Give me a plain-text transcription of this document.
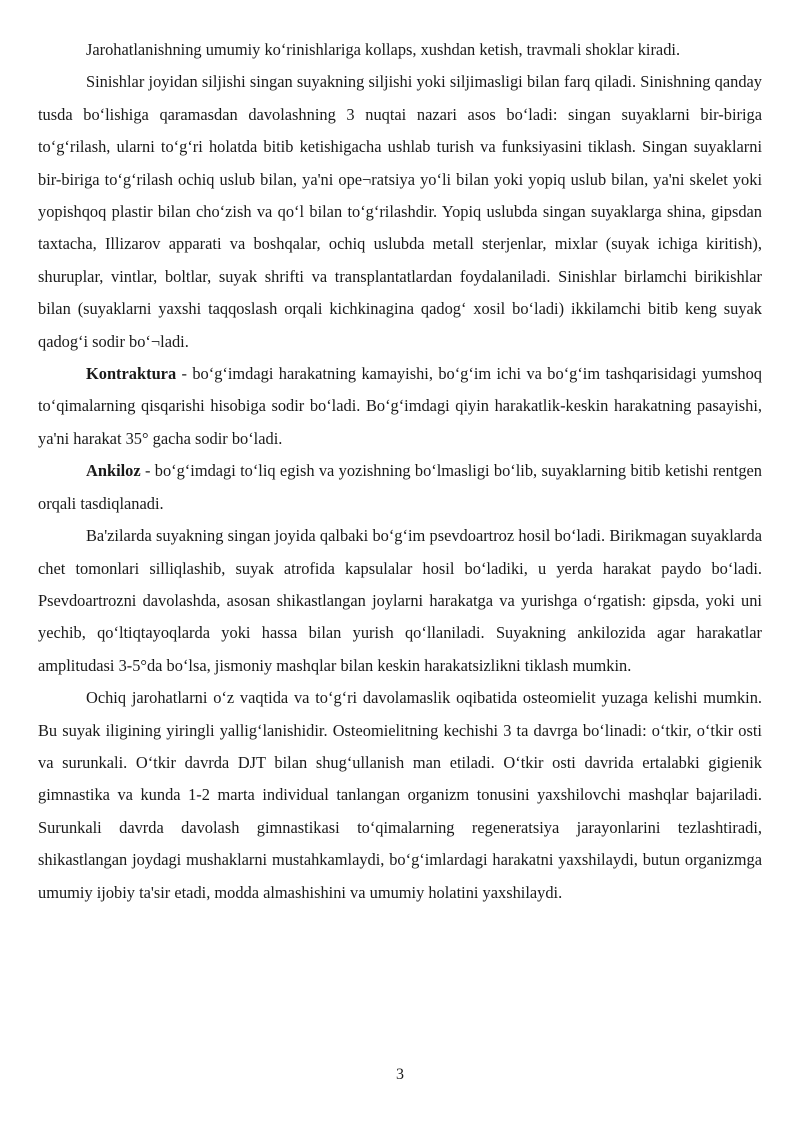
Jarohatlanishning umumiy ko‘rinishlariga kollaps, xushdan ketish, travmali shoklar kiradi.

Sinishlar joyidan siljishi singan suyakning siljishi yoki siljimasligi bilan farq qiladi. Sinishning qanday tusda bo‘lishiga qaramasdan davolashning 3 nuqtai nazari asos bo‘ladi: singan suyaklarni bir-biriga to‘g‘rilash, ularni to‘g‘ri holatda bitib ketishigacha ushlab turish va funksiyasini tiklash. Singan suyaklarni bir-biriga to‘g‘rilash ochiq uslub bilan, ya'ni ope¬ratsiya yo‘li bilan yoki yopiq uslub bilan, ya'ni skelet yoki yopishqoq plastir bilan cho‘zish va qo‘l bilan to‘g‘rilashdir. Yopiq uslubda singan suyaklarga shina, gipsdan taxtacha, Illizarov apparati va boshqalar, ochiq uslubda metall sterjenlar, mixlar (suyak ichiga kiritish), shuruplar, vintlar, boltlar, suyak shrifti va transplantatlardan foydalaniladi. Sinishlar birlamchi birikishlar bilan (suyaklarni yaxshi taqqoslash orqali kichkinagina qadog‘ xosil bo‘ladi) ikkilamchi bitib keng suyak qadog‘i sodir bo‘¬ladi.

Kontraktura - bo‘g‘imdagi harakatning kamayishi, bo‘g‘im ichi va bo‘g‘im tashqarisidagi yumshoq to‘qimalarning qisqarishi hisobiga sodir bo‘ladi. Bo‘g‘imdagi qiyin harakatlik-keskin harakatning pasayishi, ya'ni harakat 35° gacha sodir bo‘ladi.

Ankiloz - bo‘g‘imdagi to‘liq egish va yozishning bo‘lmasligi bo‘lib, suyaklarning bitib ketishi rentgen orqali tasdiqlanadi.

Ba'zilarda suyakning singan joyida qalbaki bo‘g‘im psevdoartroz hosil bo‘ladi. Birikmagan suyaklarda chet tomonlari silliqlashib, suyak atrofida kapsulalar hosil bo‘ladiki, u yerda harakat paydo bo‘ladi. Psevdoartrozni davolashda, asosan shikastlangan joylarni harakatga va yurishga o‘rgatish: gipsda, yoki uni yechib, qo‘ltiqtayoqlarda yoki hassa bilan yurish qo‘llaniladi. Suyakning ankilozida agar harakatlar amplitudasi 3-5°da bo‘lsa, jismoniy mashqlar bilan keskin harakatsizlikni tiklash mumkin.

Ochiq jarohatlarni o‘z vaqtida va to‘g‘ri davolamaslik oqibatida osteomielit yuzaga kelishi mumkin. Bu suyak iligining yiringli yallig‘lanishidir. Osteomielitning kechishi 3 ta davrga bo‘linadi: o‘tkir, o‘tkir osti va surunkali. O‘tkir davrda DJT bilan shug‘ullanish man etiladi. O‘tkir osti davrida ertalabki gigienik gimnastika va kunda 1-2 marta individual tanlangan organizm tonusini yaxshilovchi mashqlar bajariladi. Surunkali davrda davolash gimnastikasi to‘qimalarning regeneratsiya jarayonlarini tezlashtiradi, shikastlangan joydagi mushaklarni mustahkamlaydi, bo‘g‘imlardagi harakatni yaxshilaydi, butun organizmga umumiy ijobiy ta'sir etadi, modda almashishini va umumiy holatini yaxshilaydi.

3
